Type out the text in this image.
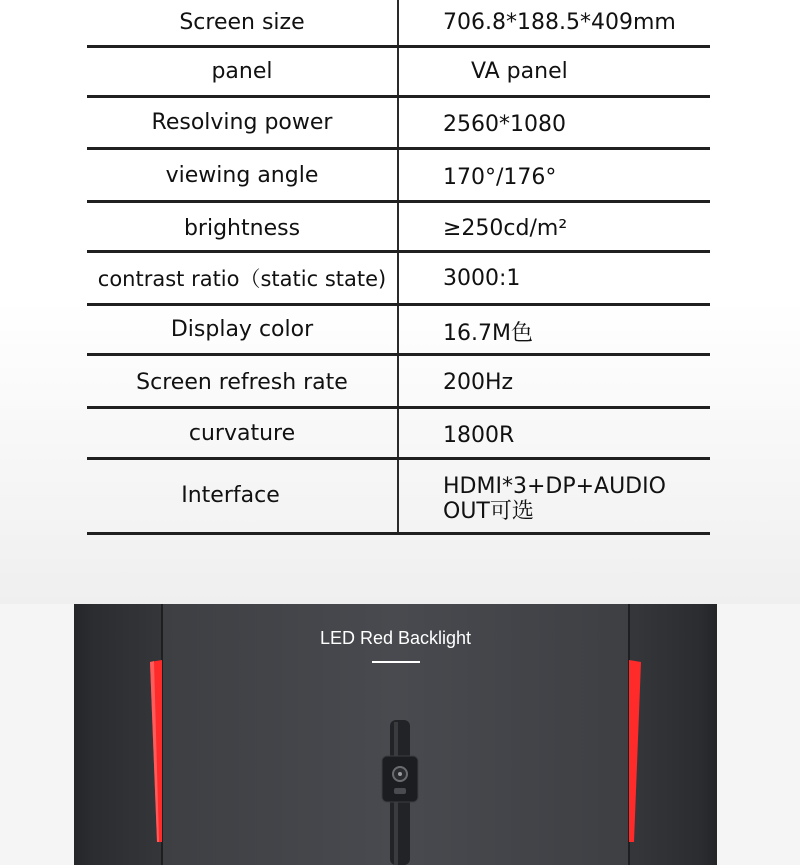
Screen size	706.8*188.5*409mm
panel	VA panel
Resolving power	2560*1080
viewing angle	170°/176°
brightness	≥250cd/m²
contrast ratio（static state)	3000:1
Display color	16.7M色
Screen refresh rate	200Hz
curvature	1800R
Interface	HDMI*3+DP+AUDIO OUT可选
LED Red Backlight
